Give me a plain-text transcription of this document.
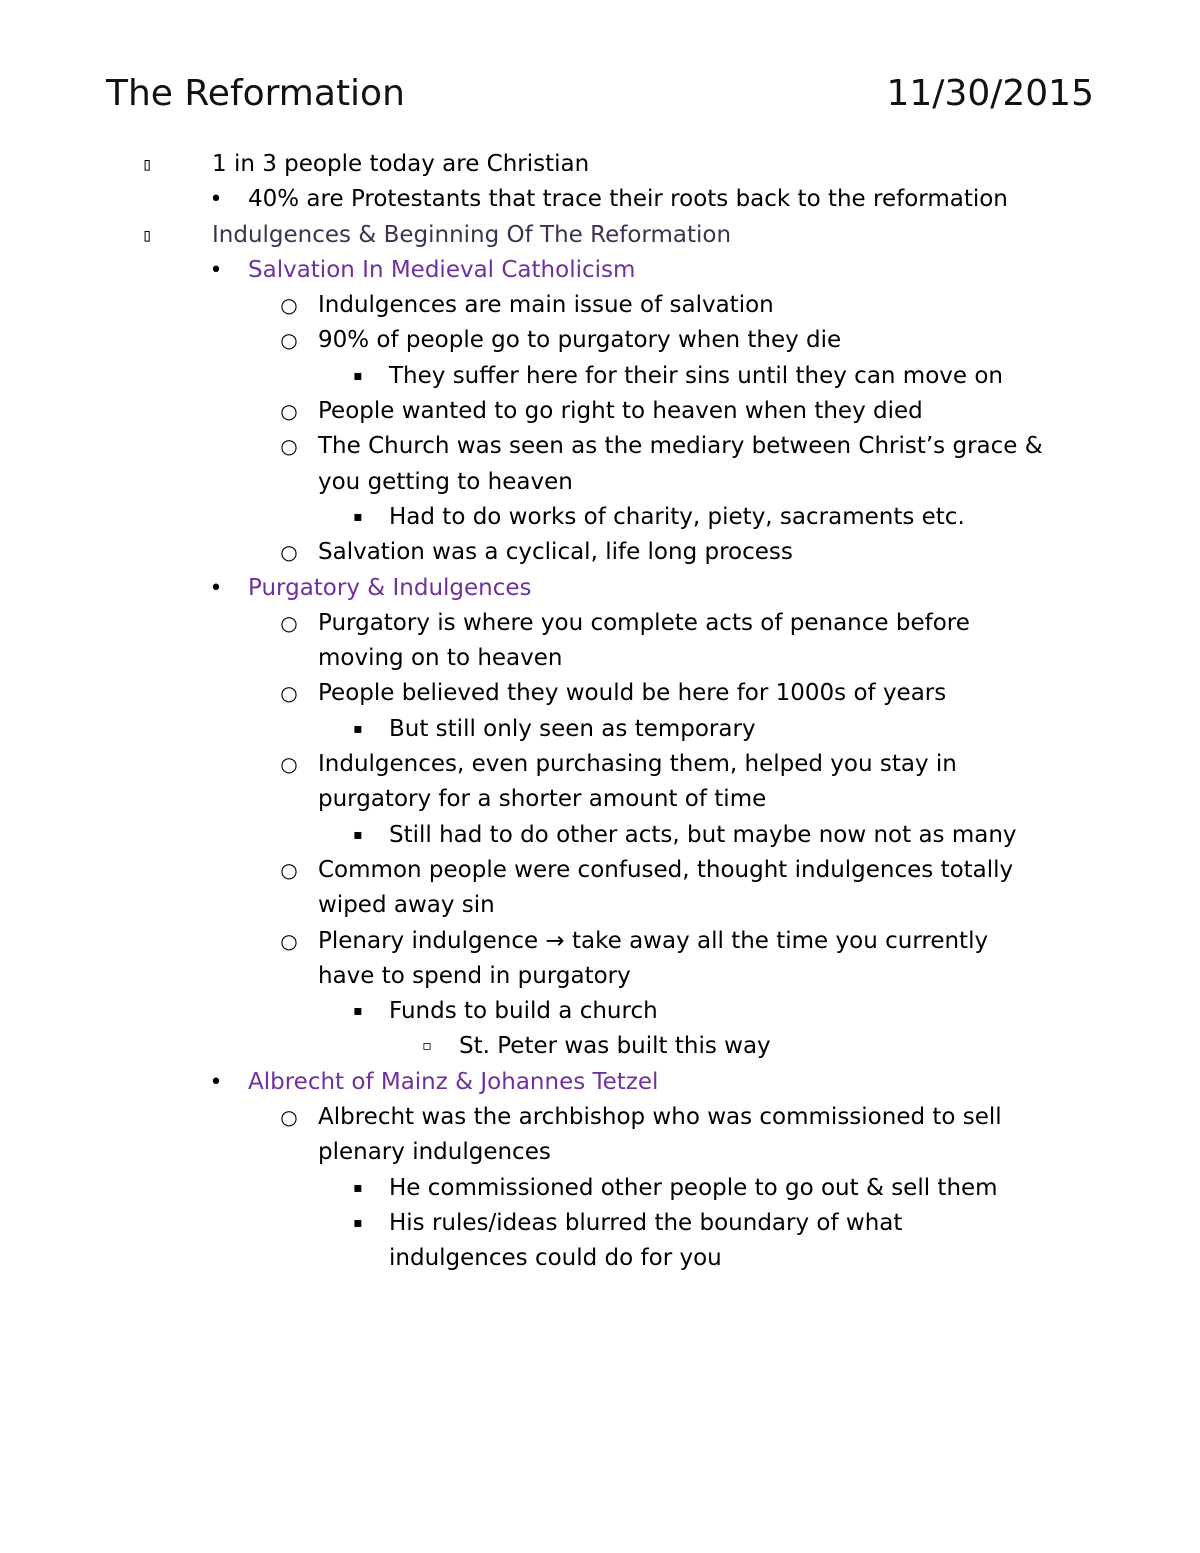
The Reformation	11/30/2015
▯	1 in 3 people today are Christian
• 40% are Protestants that trace their roots back to the reformation
▯	Indulgences & Beginning Of The Reformation
• Salvation In Medieval Catholicism
○ Indulgences are main issue of salvation
○ 90% of people go to purgatory when they die
▪ They suffer here for their sins until they can move on
○ People wanted to go right to heaven when they died
○ The Church was seen as the mediary between Christ’s grace & you getting to heaven
▪ Had to do works of charity, piety, sacraments etc.
○ Salvation was a cyclical, life long process
• Purgatory & Indulgences
○ Purgatory is where you complete acts of penance before moving on to heaven
○ People believed they would be here for 1000s of years
▪ But still only seen as temporary
○ Indulgences, even purchasing them, helped you stay in purgatory for a shorter amount of time
▪ Still had to do other acts, but maybe now not as many
○ Common people were confused, thought indulgences totally wiped away sin
○ Plenary indulgence → take away all the time you currently have to spend in purgatory
▪ Funds to build a church
▫ St. Peter was built this way
• Albrecht of Mainz & Johannes Tetzel
○ Albrecht was the archbishop who was commissioned to sell plenary indulgences
▪ He commissioned other people to go out & sell them
▪ His rules/ideas blurred the boundary of what indulgences could do for you
